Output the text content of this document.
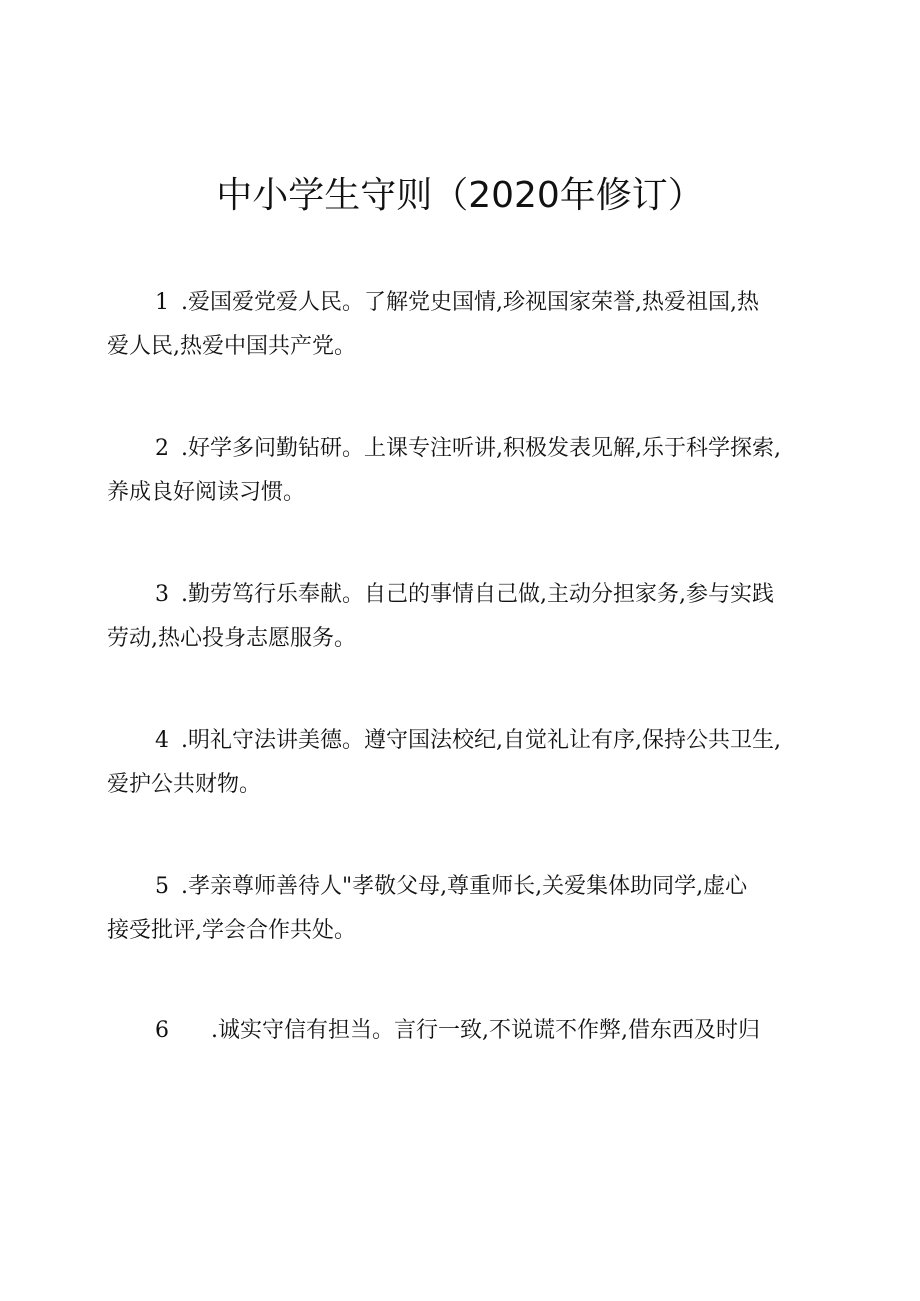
中小学生守则（2020年修订）
1 .爱国爱党爱人民。了解党史国情,珍视国家荣誉,热爱祖国,热
爱人民,热爱中国共产党。
2 .好学多问勤钻研。上课专注听讲,积极发表见解,乐于科学探索,
养成良好阅读习惯。
3 .勤劳笃行乐奉献。自己的事情自己做,主动分担家务,参与实践
劳动,热心投身志愿服务。
4 .明礼守法讲美德。遵守国法校纪,自觉礼让有序,保持公共卫生,
爱护公共财物。
5 .孝亲尊师善待人"孝敬父母,尊重师长,关爱集体助同学,虚心
接受批评,学会合作共处。
6 .诚实守信有担当。言行一致,不说谎不作弊,借东西及时归
